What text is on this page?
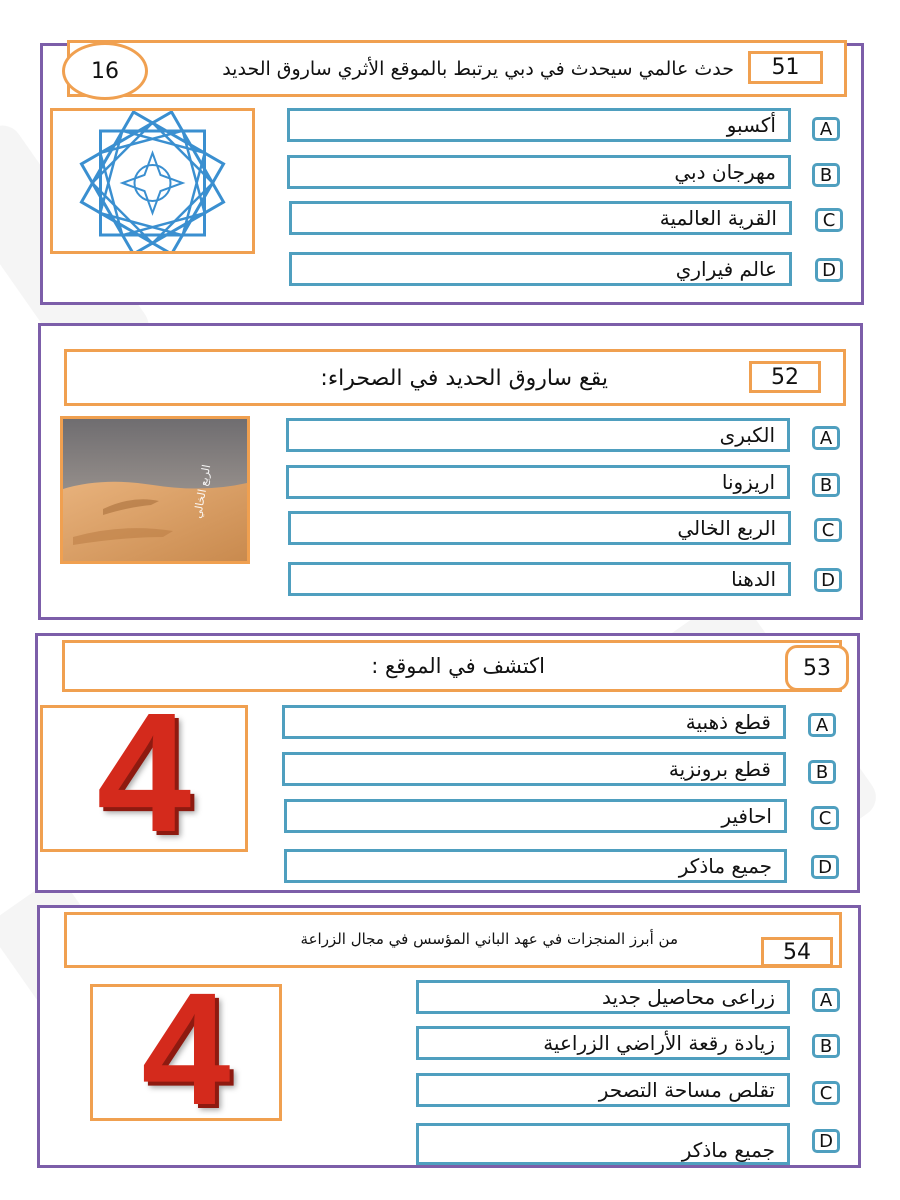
16	حدث عالمي سيحدث في دبي يرتبط بالموقع الأثري ساروق الحديد 51
أكسبو A
مهرجان دبي B
القرية العالمية	C
عالم فيراري	D
يقع ساروق الحديد في الصحراء:	52
الربع الخالي
الكبرى A
اريزونا B
الربع الخالي	C
الدهنا	D
اكتشف في الموقع :	53
4	قطع ذهبية A
قطع برونزية B
احافير	C
جميع ماذكر	D
من أبرز المنجزات في عهد الباني المؤسس في مجال الزراعة
54
4	زراعى محاصيل جديد A
زيادة رقعة الأراضي الزراعية B
تقلص مساحة التصحر C
جميع ماذكر D
